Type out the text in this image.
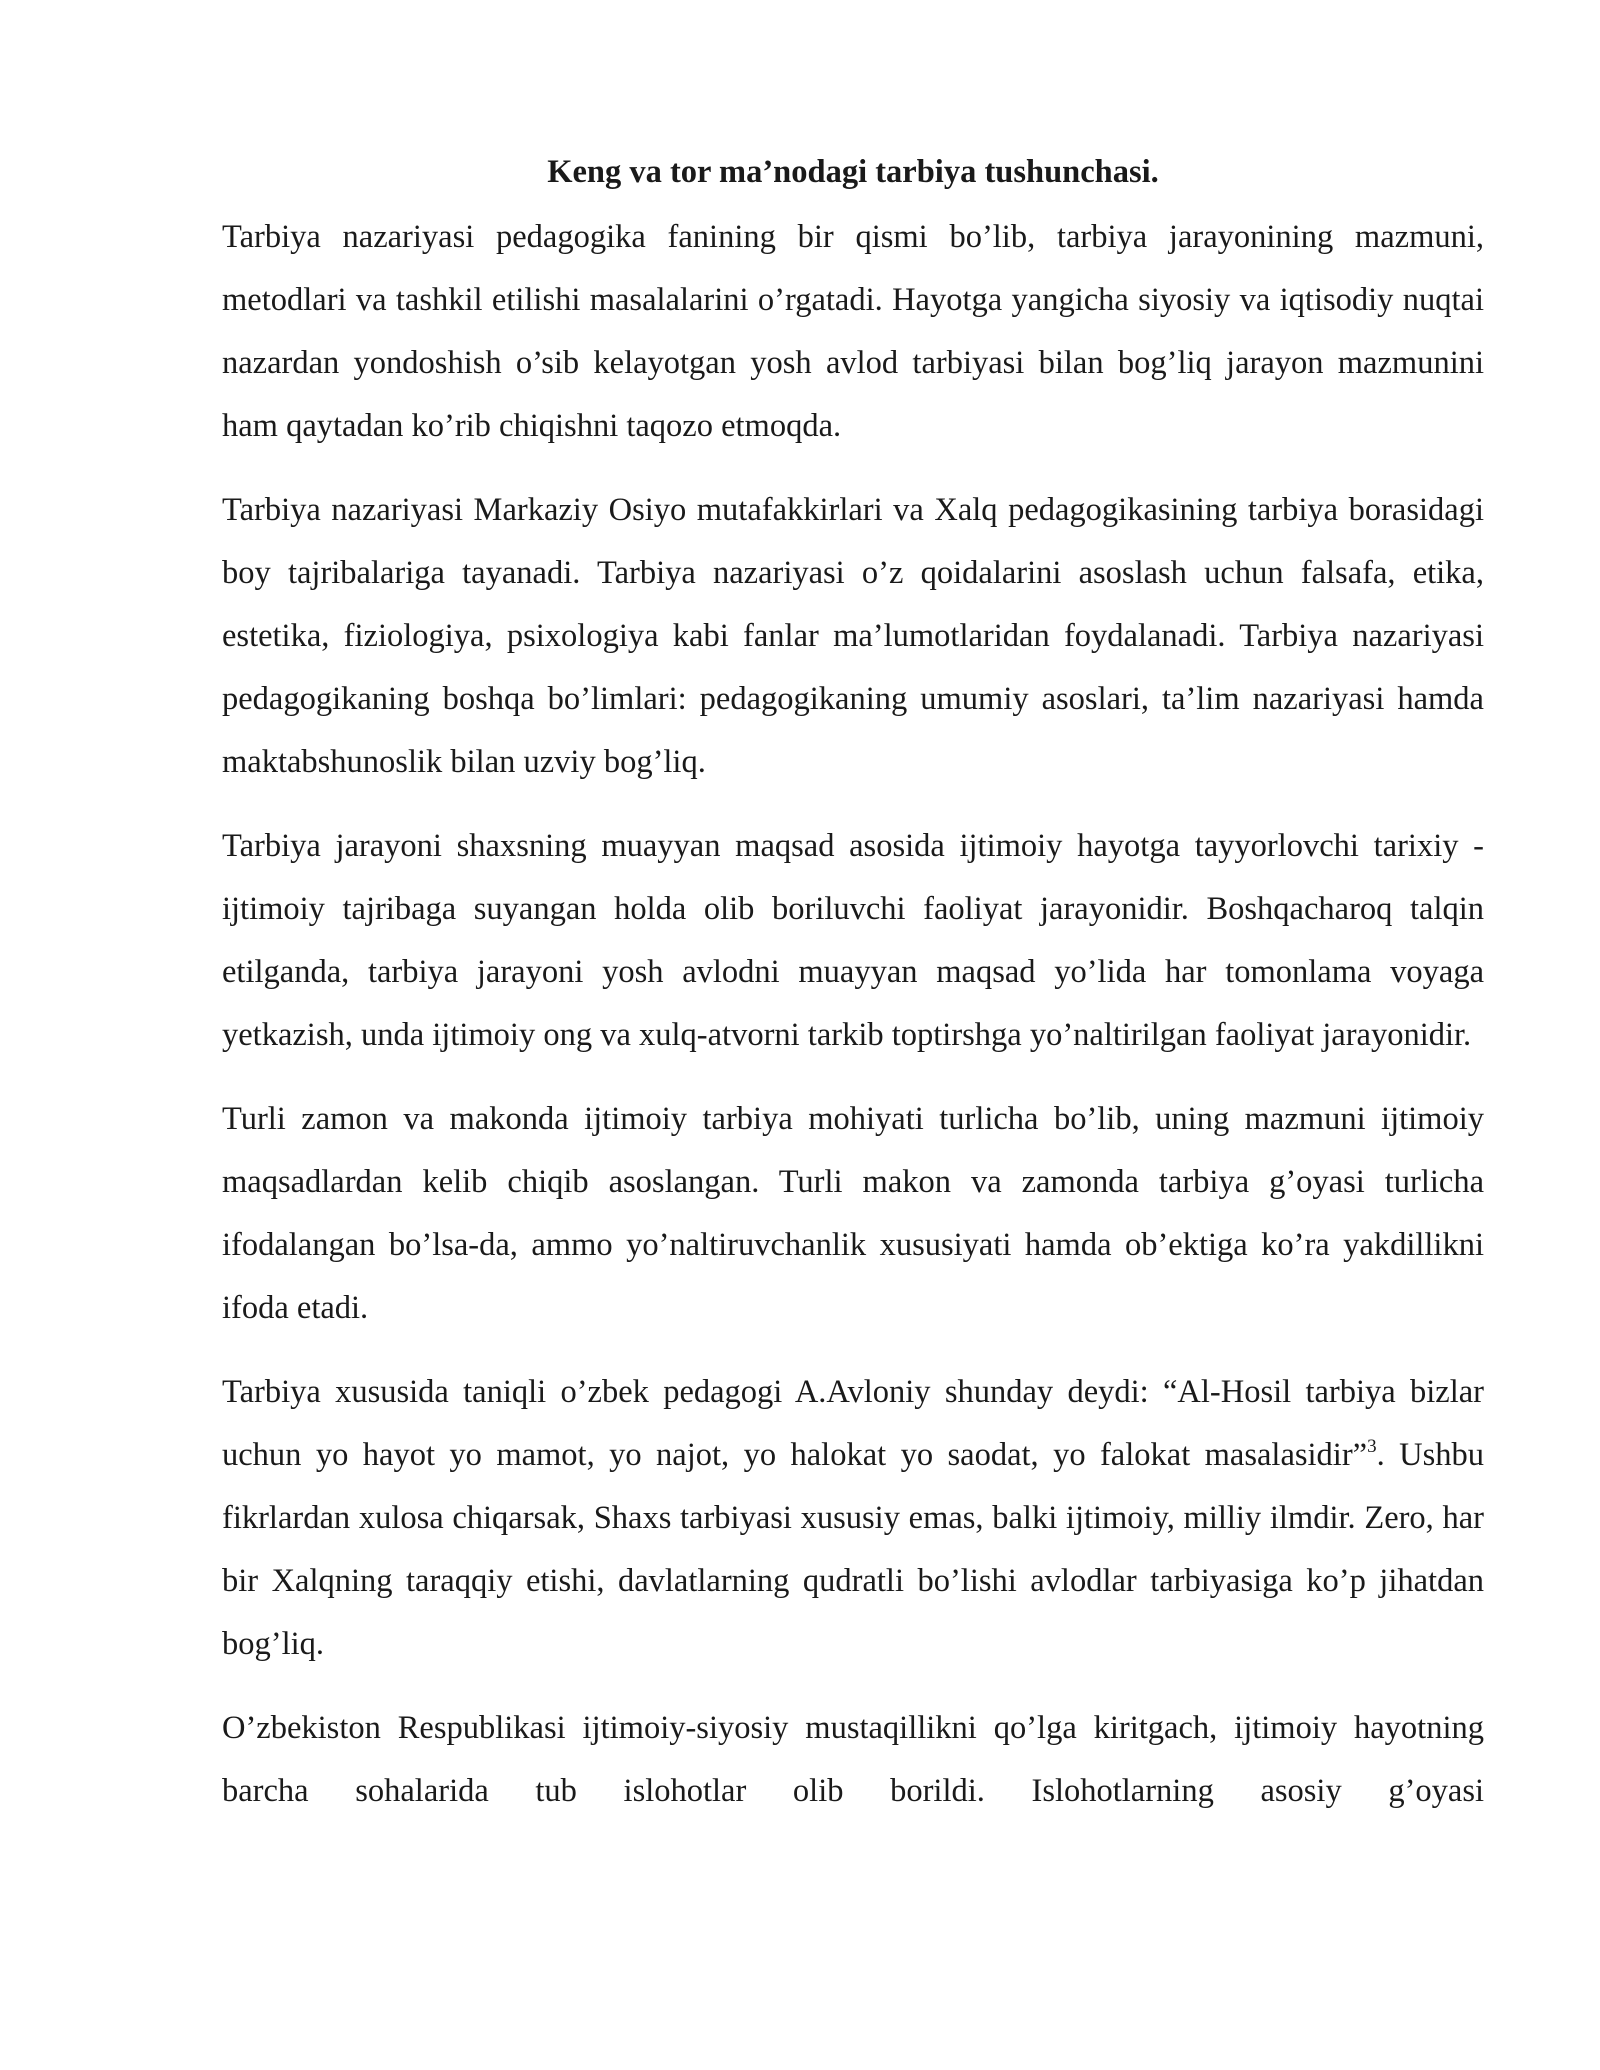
Keng va tor ma’nodagi tarbiya tushunchasi.

Tarbiya nazariyasi pedagogika fanining bir qismi bo’lib, tarbiya jarayonining mazmuni, metodlari va tashkil etilishi masalalarini o’rgatadi. Hayotga yangicha siyosiy va iqtisodiy nuqtai nazardan yondoshish o’sib kelayotgan yosh avlod tarbiyasi bilan bog’liq jarayon mazmunini ham qaytadan ko’rib chiqishni taqozo etmoqda.

Tarbiya nazariyasi Markaziy Osiyo mutafakkirlari va Xalq pedagogikasining tarbiya borasidagi boy tajribalariga tayanadi. Tarbiya nazariyasi o’z qoidalarini asoslash uchun falsafa, etika, estetika, fiziologiya, psixologiya kabi fanlar ma’lumotlaridan foydalanadi. Tarbiya nazariyasi pedagogikaning boshqa bo’limlari: pedagogikaning umumiy asoslari, ta’lim nazariyasi hamda maktabshunoslik bilan uzviy bog’liq.

Tarbiya jarayoni shaxsning muayyan maqsad asosida ijtimoiy hayotga tayyorlovchi tarixiy - ijtimoiy tajribaga suyangan holda olib boriluvchi faoliyat jarayonidir. Boshqacharoq talqin etilganda, tarbiya jarayoni yosh avlodni muayyan maqsad yo’lida har tomonlama voyaga yetkazish, unda ijtimoiy ong va xulq-atvorni tarkib toptirshga yo’naltirilgan faoliyat jarayonidir.

Turli zamon va makonda ijtimoiy tarbiya mohiyati turlicha bo’lib, uning mazmuni ijtimoiy maqsadlardan kelib chiqib asoslangan. Turli makon va zamonda tarbiya g’oyasi turlicha ifodalangan bo’lsa-da, ammo yo’naltiruvchanlik xususiyati hamda ob’ektiga ko’ra yakdillikni ifoda etadi.

Tarbiya xususida taniqli o’zbek pedagogi A.Avloniy shunday deydi: “Al-Hosil tarbiya bizlar uchun yo hayot yo mamot, yo najot, yo halokat yo saodat, yo falokat masalasidir”$^3$. Ushbu fikrlardan xulosa chiqarsak, Shaxs tarbiyasi xususiy emas, balki ijtimoiy, milliy ilmdir. Zero, har bir Xalqning taraqqiy etishi, davlatlarning qudratli bo’lishi avlodlar tarbiyasiga ko’p jihatdan bog’liq.

O’zbekiston Respublikasi ijtimoiy-siyosiy mustaqillikni qo’lga kiritgach, ijtimoiy hayotning barcha sohalarida tub islohotlar olib borildi. Islohotlarning asosiy g’oyasi
